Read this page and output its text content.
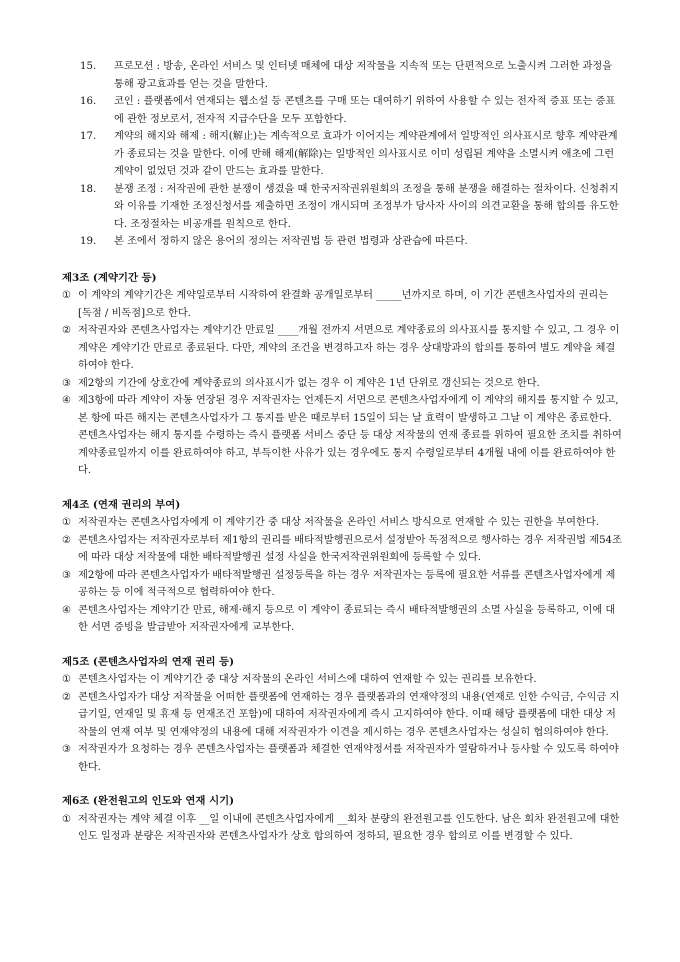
15. 프로모션 : 방송, 온라인 서비스 및 인터넷 매체에 대상 저작물을 지속적 또는 단편적으로 노출시켜 그러한 과정을 통해 광고효과를 얻는 것을 말한다.

16. 코인 : 플랫폼에서 연재되는 웹소설 등 콘텐츠를 구매 또는 대여하기 위하여 사용할 수 있는 전자적 증표 또는 증표에 관한 정보로서, 전자적 지급수단을 모두 포함한다.

17. 계약의 해지와 해제 : 해지(解止)는 계속적으로 효과가 이어지는 계약관계에서 일방적인 의사표시로 향후 계약관계가 종료되는 것을 말한다. 이에 반해 해제(解除)는 일방적인 의사표시로 이미 성립된 계약을 소멸시켜 애초에 그런 계약이 없었던 것과 같이 만드는 효과를 말한다.

18. 분쟁 조정 : 저작권에 관한 분쟁이 생겼을 때 한국저작권위원회의 조정을 통해 분쟁을 해결하는 절차이다. 신청취지와 이유를 기재한 조정신청서를 제출하면 조정이 개시되며 조정부가 당사자 사이의 의견교환을 통해 합의를 유도한다. 조정절차는 비공개를 원칙으로 한다.

19. 본 조에서 정하지 않은 용어의 정의는 저작권법 등 관련 법령과 상관습에 따른다.

제3조 (계약기간 등)

① 이 계약의 계약기간은 계약일로부터 시작하여 완결화 공개일로부터 _____년까지로 하며, 이 기간 콘텐츠사업자의 권리는 [독점 / 비독점]으로 한다.

② 저작권자와 콘텐츠사업자는 계약기간 만료일 ____개월 전까지 서면으로 계약종료의 의사표시를 통지할 수 있고, 그 경우 이 계약은 계약기간 만료로 종료된다. 다만, 계약의 조건을 변경하고자 하는 경우 상대방과의 합의를 통하여 별도 계약을 체결하여야 한다.

③ 제2항의 기간에 상호간에 계약종료의 의사표시가 없는 경우 이 계약은 1년 단위로 갱신되는 것으로 한다.

④ 제3항에 따라 계약이 자동 연장된 경우 저작권자는 언제든지 서면으로 콘텐츠사업자에게 이 계약의 해지를 통지할 수 있고, 본 항에 따른 해지는 콘텐츠사업자가 그 통지를 받은 때로부터 15일이 되는 날 효력이 발생하고 그날 이 계약은 종료한다. 콘텐츠사업자는 해지 통지를 수령하는 즉시 플랫폼 서비스 중단 등 대상 저작물의 연재 종료를 위하여 필요한 조치를 취하여 계약종료일까지 이를 완료하여야 하고, 부득이한 사유가 있는 경우에도 통지 수령일로부터 4개월 내에 이를 완료하여야 한다.

제4조 (연재 권리의 부여)

① 저작권자는 콘텐츠사업자에게 이 계약기간 중 대상 저작물을 온라인 서비스 방식으로 연재할 수 있는 권한을 부여한다.

② 콘텐츠사업자는 저작권자로부터 제1항의 권리를 배타적발행권으로서 설정받아 독점적으로 행사하는 경우 저작권법 제54조에 따라 대상 저작물에 대한 배타적발행권 설정 사실을 한국저작권위원회에 등록할 수 있다.

③ 제2항에 따라 콘텐츠사업자가 배타적발행권 설정등록을 하는 경우 저작권자는 등록에 필요한 서류를 콘텐츠사업자에게 제공하는 등 이에 적극적으로 협력하여야 한다.

④ 콘텐츠사업자는 계약기간 만료, 해제·해지 등으로 이 계약이 종료되는 즉시 배타적발행권의 소멸 사실을 등록하고, 이에 대한 서면 증빙을 발급받아 저작권자에게 교부한다.

제5조 (콘텐츠사업자의 연재 권리 등)

① 콘텐츠사업자는 이 계약기간 중 대상 저작물의 온라인 서비스에 대하여 연재할 수 있는 권리를 보유한다.

② 콘텐츠사업자가 대상 저작물을 어떠한 플랫폼에 연재하는 경우 플랫폼과의 연재약정의 내용(연재로 인한 수익금, 수익금 지급기일, 연재일 및 휴재 등 연재조건 포함)에 대하여 저작권자에게 즉시 고지하여야 한다. 이때 해당 플랫폼에 대한 대상 저작물의 연재 여부 및 연재약정의 내용에 대해 저작권자가 이견을 제시하는 경우 콘텐츠사업자는 성실히 협의하여야 한다.

③ 저작권자가 요청하는 경우 콘텐츠사업자는 플랫폼과 체결한 연재약정서를 저작권자가 열람하거나 등사할 수 있도록 하여야 한다.

제6조 (완전원고의 인도와 연재 시기)

① 저작권자는 계약 체결 이후 __일 이내에 콘텐츠사업자에게 __회차 분량의 완전원고를 인도한다. 남은 회차 완전원고에 대한 인도 일정과 분량은 저작권자와 콘텐츠사업자가 상호 합의하여 정하되, 필요한 경우 합의로 이를 변경할 수 있다.
